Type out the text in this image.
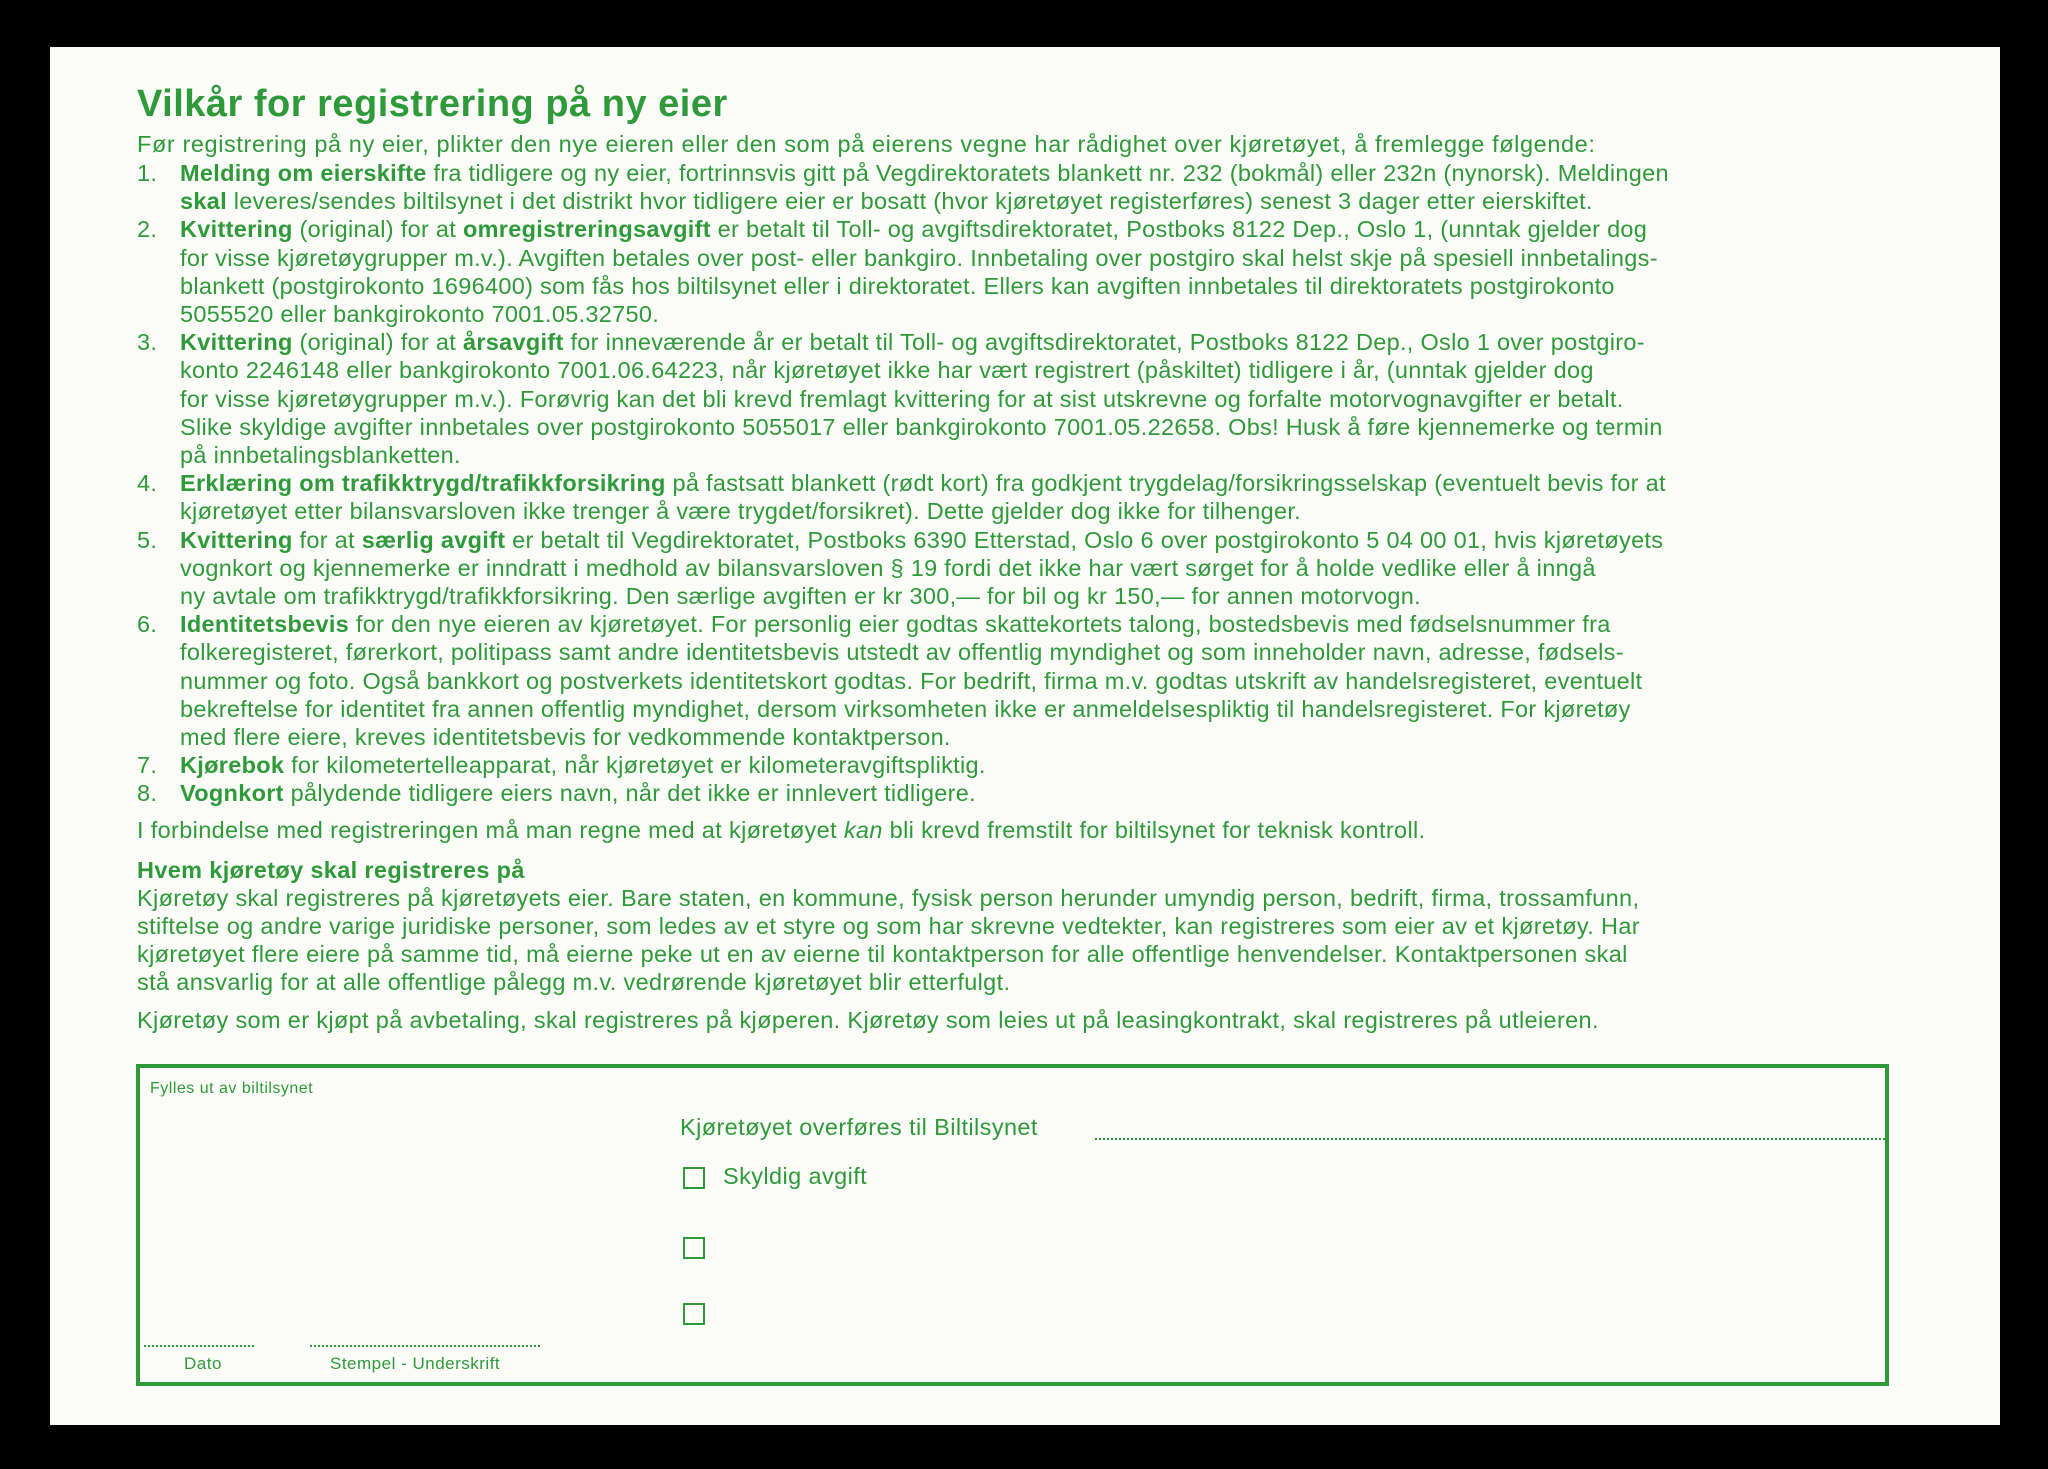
Vilkår for registrering på ny eier

Før registrering på ny eier, plikter den nye eieren eller den som på eierens vegne har rådighet over kjøretøyet, å fremlegge følgende:

1. Melding om eierskifte fra tidligere og ny eier, fortrinnsvis gitt på Vegdirektoratets blankett nr. 232 (bokmål) eller 232n (nynorsk). Meldingen
skal leveres/sendes biltilsynet i det distrikt hvor tidligere eier er bosatt (hvor kjøretøyet registerføres) senest 3 dager etter eierskiftet.
2. Kvittering (original) for at omregistreringsavgift er betalt til Toll- og avgiftsdirektoratet, Postboks 8122 Dep., Oslo 1, (unntak gjelder dog
for visse kjøretøygrupper m.v.). Avgiften betales over post- eller bankgiro. Innbetaling over postgiro skal helst skje på spesiell innbetalings-
blankett (postgirokonto 1696400) som fås hos biltilsynet eller i direktoratet. Ellers kan avgiften innbetales til direktoratets postgirokonto
5055520 eller bankgirokonto 7001.05.32750.
3. Kvittering (original) for at årsavgift for inneværende år er betalt til Toll- og avgiftsdirektoratet, Postboks 8122 Dep., Oslo 1 over postgiro-
konto 2246148 eller bankgirokonto 7001.06.64223, når kjøretøyet ikke har vært registrert (påskiltet) tidligere i år, (unntak gjelder dog
for visse kjøretøygrupper m.v.). Forøvrig kan det bli krevd fremlagt kvittering for at sist utskrevne og forfalte motorvognavgifter er betalt.
Slike skyldige avgifter innbetales over postgirokonto 5055017 eller bankgirokonto 7001.05.22658. Obs! Husk å føre kjennemerke og termin
på innbetalingsblanketten.
4. Erklæring om trafikktrygd/trafikkforsikring på fastsatt blankett (rødt kort) fra godkjent trygdelag/forsikringsselskap (eventuelt bevis for at
kjøretøyet etter bilansvarsloven ikke trenger å være trygdet/forsikret). Dette gjelder dog ikke for tilhenger.
5. Kvittering for at særlig avgift er betalt til Vegdirektoratet, Postboks 6390 Etterstad, Oslo 6 over postgirokonto 5 04 00 01, hvis kjøretøyets
vognkort og kjennemerke er inndratt i medhold av bilansvarsloven § 19 fordi det ikke har vært sørget for å holde vedlike eller å inngå
ny avtale om trafikktrygd/trafikkforsikring. Den særlige avgiften er kr 300,— for bil og kr 150,— for annen motorvogn.
6. Identitetsbevis for den nye eieren av kjøretøyet. For personlig eier godtas skattekortets talong, bostedsbevis med fødselsnummer fra
folkeregisteret, førerkort, politipass samt andre identitetsbevis utstedt av offentlig myndighet og som inneholder navn, adresse, fødsels-
nummer og foto. Også bankkort og postverkets identitetskort godtas. For bedrift, firma m.v. godtas utskrift av handelsregisteret, eventuelt
bekreftelse for identitet fra annen offentlig myndighet, dersom virksomheten ikke er anmeldelsespliktig til handelsregisteret. For kjøretøy
med flere eiere, kreves identitetsbevis for vedkommende kontaktperson.
7. Kjørebok for kilometertelleapparat, når kjøretøyet er kilometeravgiftspliktig.
8. Vognkort pålydende tidligere eiers navn, når det ikke er innlevert tidligere.

I forbindelse med registreringen må man regne med at kjøretøyet kan bli krevd fremstilt for biltilsynet for teknisk kontroll.

Hvem kjøretøy skal registreres på

Kjøretøy skal registreres på kjøretøyets eier. Bare staten, en kommune, fysisk person herunder umyndig person, bedrift, firma, trossamfunn,
stiftelse og andre varige juridiske personer, som ledes av et styre og som har skrevne vedtekter, kan registreres som eier av et kjøretøy. Har
kjøretøyet flere eiere på samme tid, må eierne peke ut en av eierne til kontaktperson for alle offentlige henvendelser. Kontaktpersonen skal
stå ansvarlig for at alle offentlige pålegg m.v. vedrørende kjøretøyet blir etterfulgt.

Kjøretøy som er kjøpt på avbetaling, skal registreres på kjøperen. Kjøretøy som leies ut på leasingkontrakt, skal registreres på utleieren.

Fylles ut av biltilsynet
Kjøretøyet overføres til Biltilsynet
Skyldig avgift
Dato	Stempel - Underskrift
